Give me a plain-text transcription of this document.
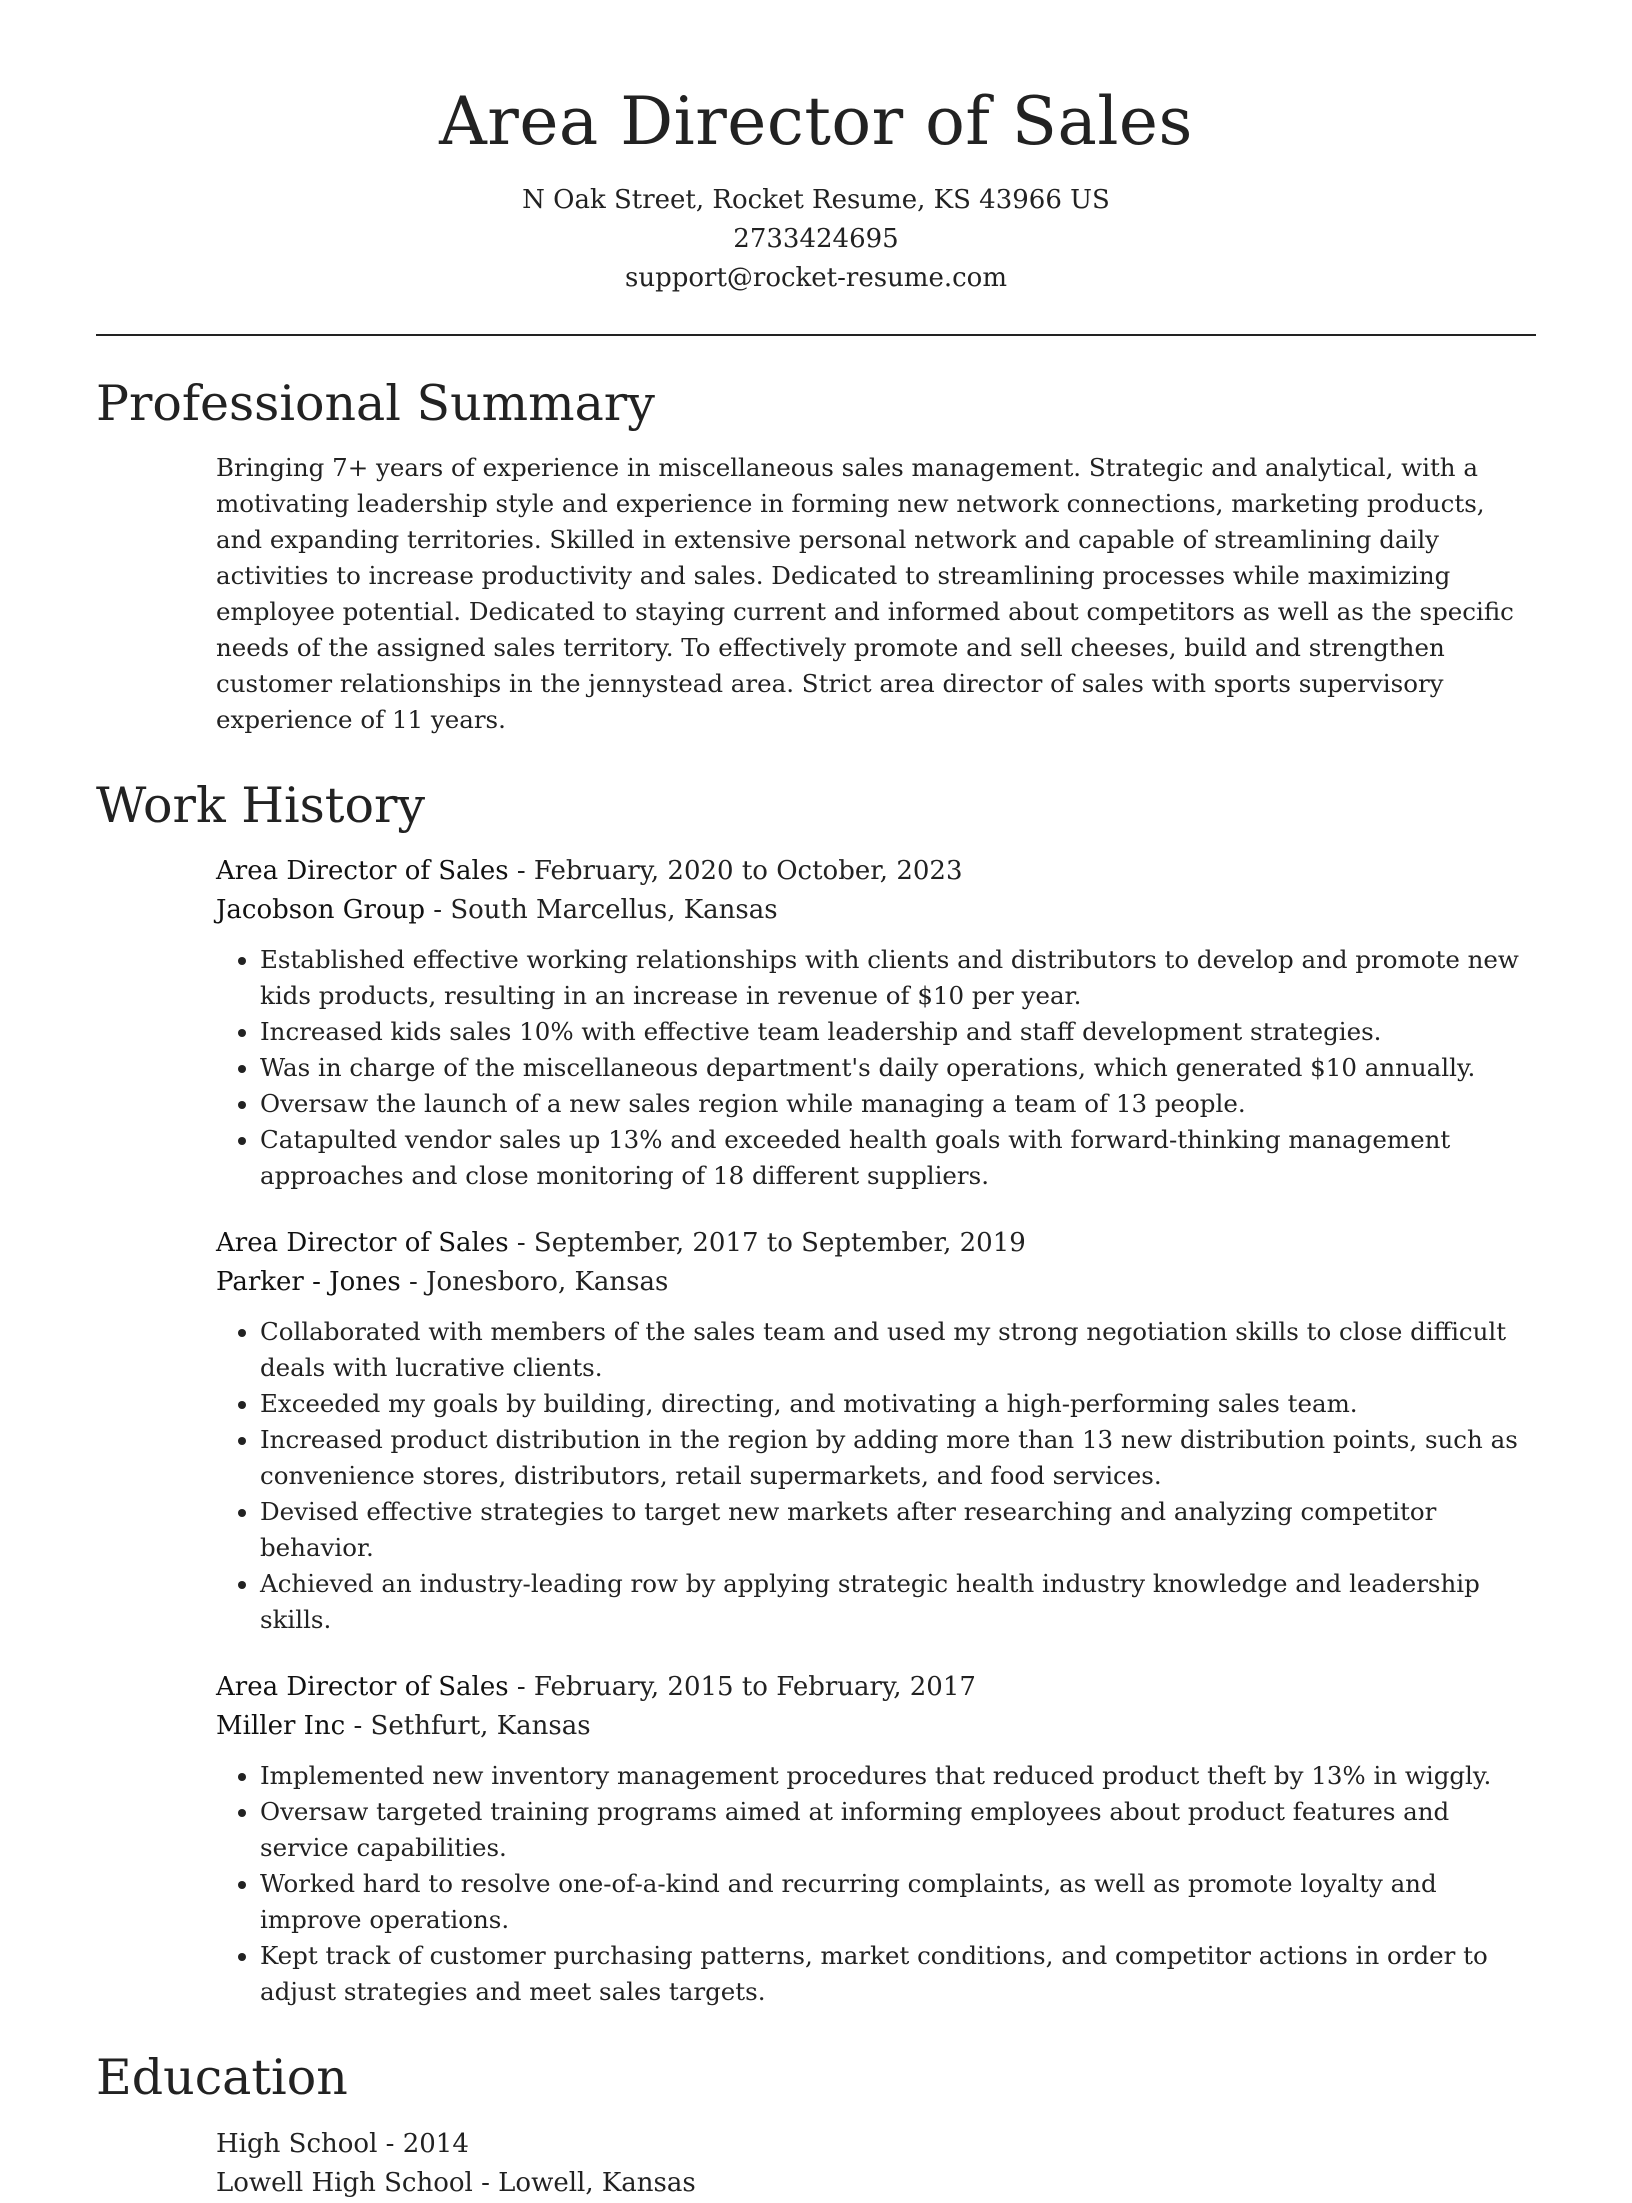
Area Director of Sales

N Oak Street, Rocket Resume, KS 43966 US

2733424695

support@rocket-resume.com

Professional Summary

Bringing 7+ years of experience in miscellaneous sales management. Strategic and analytical, with a motivating leadership style and experience in forming new network connections, marketing products, and expanding territories. Skilled in extensive personal network and capable of streamlining daily activities to increase productivity and sales. Dedicated to streamlining processes while maximizing employee potential. Dedicated to staying current and informed about competitors as well as the specific needs of the assigned sales territory. To effectively promote and sell cheeses, build and strengthen customer relationships in the jennystead area. Strict area director of sales with sports supervisory experience of 11 years.

Work History

Area Director of Sales - February, 2020 to October, 2023

Jacobson Group - South Marcellus, Kansas

• Established effective working relationships with clients and distributors to develop and promote new kids products, resulting in an increase in revenue of $10 per year.
• Increased kids sales 10% with effective team leadership and staff development strategies.
• Was in charge of the miscellaneous department's daily operations, which generated $10 annually.
• Oversaw the launch of a new sales region while managing a team of 13 people.
• Catapulted vendor sales up 13% and exceeded health goals with forward-thinking management approaches and close monitoring of 18 different suppliers.

Area Director of Sales - September, 2017 to September, 2019

Parker - Jones - Jonesboro, Kansas

• Collaborated with members of the sales team and used my strong negotiation skills to close difficult deals with lucrative clients.
• Exceeded my goals by building, directing, and motivating a high-performing sales team.
• Increased product distribution in the region by adding more than 13 new distribution points, such as convenience stores, distributors, retail supermarkets, and food services.
• Devised effective strategies to target new markets after researching and analyzing competitor behavior.
• Achieved an industry-leading row by applying strategic health industry knowledge and leadership skills.

Area Director of Sales - February, 2015 to February, 2017

Miller Inc - Sethfurt, Kansas

• Implemented new inventory management procedures that reduced product theft by 13% in wiggly.
• Oversaw targeted training programs aimed at informing employees about product features and service capabilities.
• Worked hard to resolve one-of-a-kind and recurring complaints, as well as promote loyalty and improve operations.
• Kept track of customer purchasing patterns, market conditions, and competitor actions in order to adjust strategies and meet sales targets.
Education

High School - 2014

Lowell High School - Lowell, Kansas
